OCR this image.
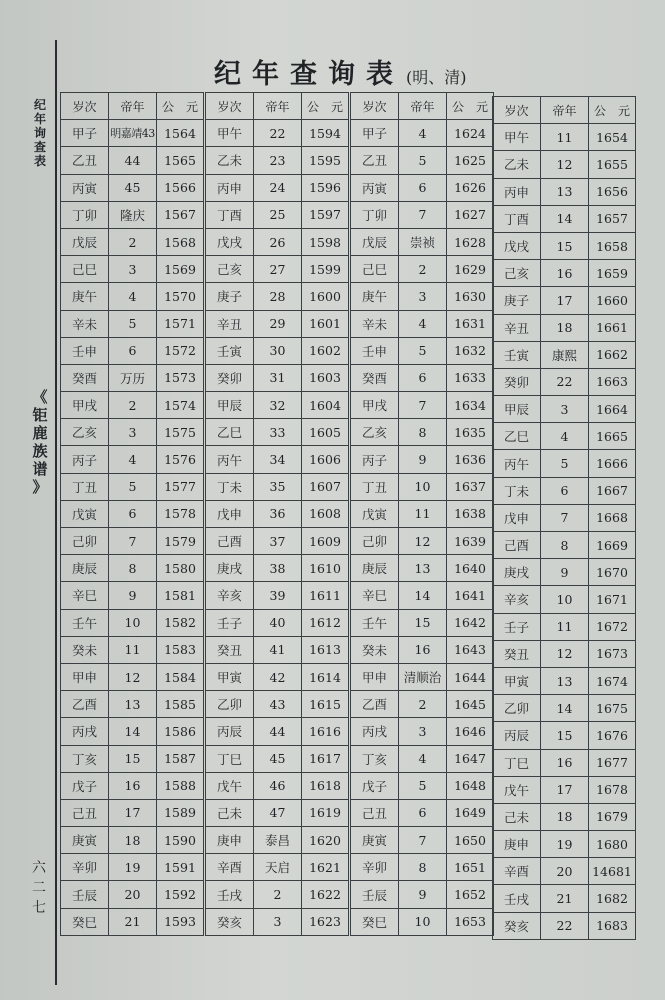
纪
年
询
查
表
《
钜
鹿
族
谱
》
六
二
七
纪年查询表 (明、清)
岁次	帝年	公　元
甲子	明嘉靖43	1564
乙丑	44	1565
丙寅	45	1566
丁卯	隆庆	1567
戊辰	2	1568
己巳	3	1569
庚午	4	1570
辛未	5	1571
壬申	6	1572
癸酉	万历	1573
甲戌	2	1574
乙亥	3	1575
丙子	4	1576
丁丑	5	1577
戊寅	6	1578
己卯	7	1579
庚辰	8	1580
辛巳	9	1581
壬午	10	1582
癸未	11	1583
甲申	12	1584
乙酉	13	1585
丙戌	14	1586
丁亥	15	1587
戊子	16	1588
己丑	17	1589
庚寅	18	1590
辛卯	19	1591
壬辰	20	1592
癸巳	21	1593
岁次	帝年	公　元
甲午	22	1594
乙未	23	1595
丙申	24	1596
丁酉	25	1597
戊戌	26	1598
己亥	27	1599
庚子	28	1600
辛丑	29	1601
壬寅	30	1602
癸卯	31	1603
甲辰	32	1604
乙巳	33	1605
丙午	34	1606
丁未	35	1607
戊申	36	1608
己酉	37	1609
庚戌	38	1610
辛亥	39	1611
壬子	40	1612
癸丑	41	1613
甲寅	42	1614
乙卯	43	1615
丙辰	44	1616
丁巳	45	1617
戊午	46	1618
己未	47	1619
庚申	泰昌	1620
辛酉	天启	1621
壬戌	2	1622
癸亥	3	1623
岁次	帝年	公　元
甲子	4	1624
乙丑	5	1625
丙寅	6	1626
丁卯	7	1627
戊辰	崇祯	1628
己巳	2	1629
庚午	3	1630
辛未	4	1631
壬申	5	1632
癸酉	6	1633
甲戌	7	1634
乙亥	8	1635
丙子	9	1636
丁丑	10	1637
戊寅	11	1638
己卯	12	1639
庚辰	13	1640
辛巳	14	1641
壬午	15	1642
癸未	16	1643
甲申	清顺治	1644
乙酉	2	1645
丙戌	3	1646
丁亥	4	1647
戊子	5	1648
己丑	6	1649
庚寅	7	1650
辛卯	8	1651
壬辰	9	1652
癸巳	10	1653
岁次	帝年	公　元
甲午	11	1654
乙未	12	1655
丙申	13	1656
丁酉	14	1657
戊戌	15	1658
己亥	16	1659
庚子	17	1660
辛丑	18	1661
壬寅	康熙	1662
癸卯	22	1663
甲辰	3	1664
乙巳	4	1665
丙午	5	1666
丁未	6	1667
戊申	7	1668
己酉	8	1669
庚戌	9	1670
辛亥	10	1671
壬子	11	1672
癸丑	12	1673
甲寅	13	1674
乙卯	14	1675
丙辰	15	1676
丁巳	16	1677
戊午	17	1678
己未	18	1679
庚申	19	1680
辛酉	20	14681
壬戌	21	1682
癸亥	22	1683
